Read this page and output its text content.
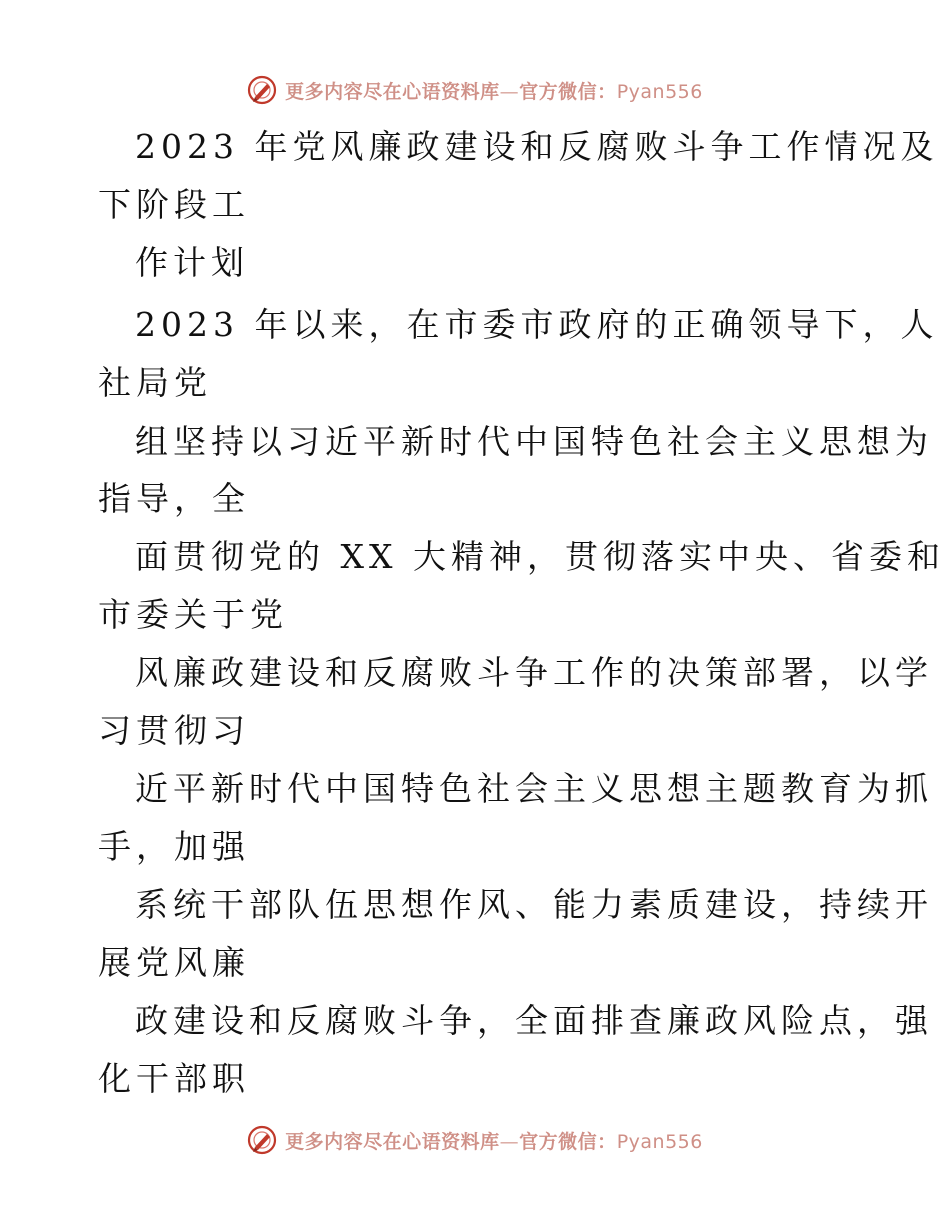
更多内容尽在心语资料库—官方微信：Pyan556
2023 年党风廉政建设和反腐败斗争工作情况及
下阶段工
作计划
2023 年以来，在市委市政府的正确领导下，人
社局党
组坚持以习近平新时代中国特色社会主义思想为
指导，全
面贯彻党的 XX 大精神，贯彻落实中央、省委和
市委关于党
风廉政建设和反腐败斗争工作的决策部署，以学
习贯彻习
近平新时代中国特色社会主义思想主题教育为抓
手，加强
系统干部队伍思想作风、能力素质建设，持续开
展党风廉
政建设和反腐败斗争，全面排查廉政风险点，强
化干部职
更多内容尽在心语资料库—官方微信：Pyan556
